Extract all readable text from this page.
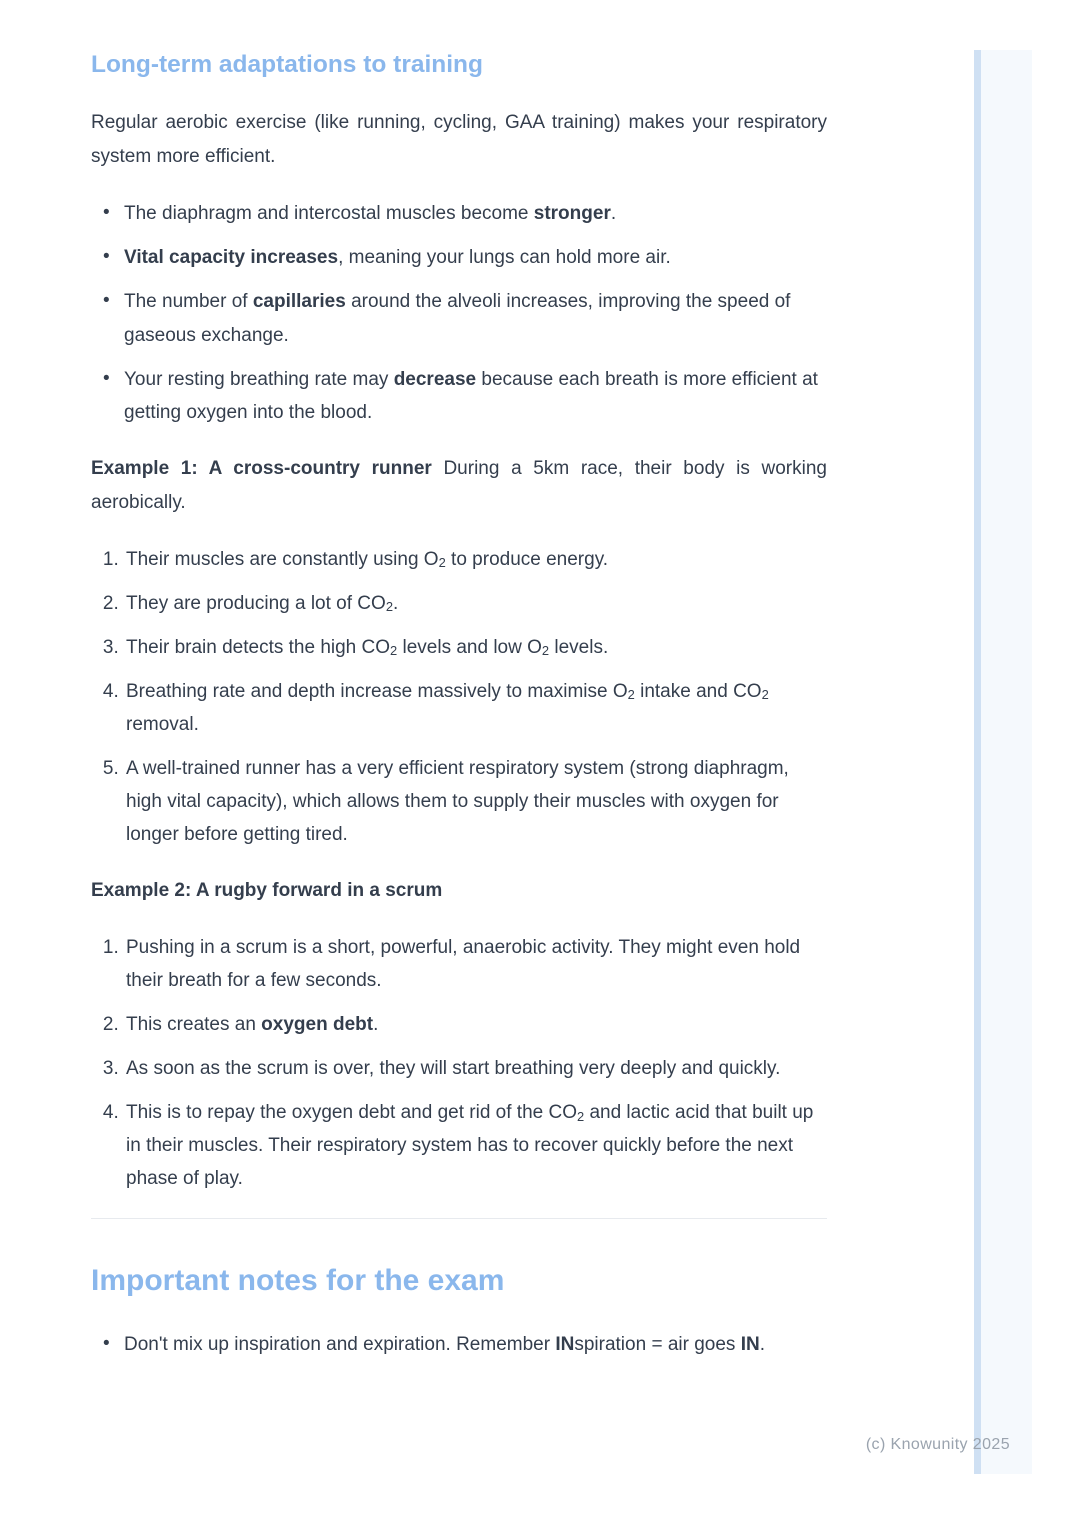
Long-term adaptations to training

Regular aerobic exercise (like running, cycling, GAA training) makes your respiratory system more efficient.

• The diaphragm and intercostal muscles become stronger.
• Vital capacity increases, meaning your lungs can hold more air.
• The number of capillaries around the alveoli increases, improving the speed of gaseous exchange.
• Your resting breathing rate may decrease because each breath is more efficient at getting oxygen into the blood.

Example 1: A cross-country runner During a 5km race, their body is working aerobically.

1. Their muscles are constantly using $O_2$ to produce energy.
2. They are producing a lot of $CO_2$.
3. Their brain detects the high $CO_2$ levels and low $O_2$ levels.
4. Breathing rate and depth increase massively to maximise $O_2$ intake and $CO_2$ removal.
5. A well-trained runner has a very efficient respiratory system (strong diaphragm, high vital capacity), which allows them to supply their muscles with oxygen for longer before getting tired.

Example 2: A rugby forward in a scrum

1. Pushing in a scrum is a short, powerful, anaerobic activity. They might even hold their breath for a few seconds.
2. This creates an oxygen debt.
3. As soon as the scrum is over, they will start breathing very deeply and quickly.
4. This is to repay the oxygen debt and get rid of the $CO_2$ and lactic acid that built up in their muscles. Their respiratory system has to recover quickly before the next phase of play.
Important notes for the exam
• Don't mix up inspiration and expiration. Remember INspiration = air goes IN.
(c) Knowunity 2025
